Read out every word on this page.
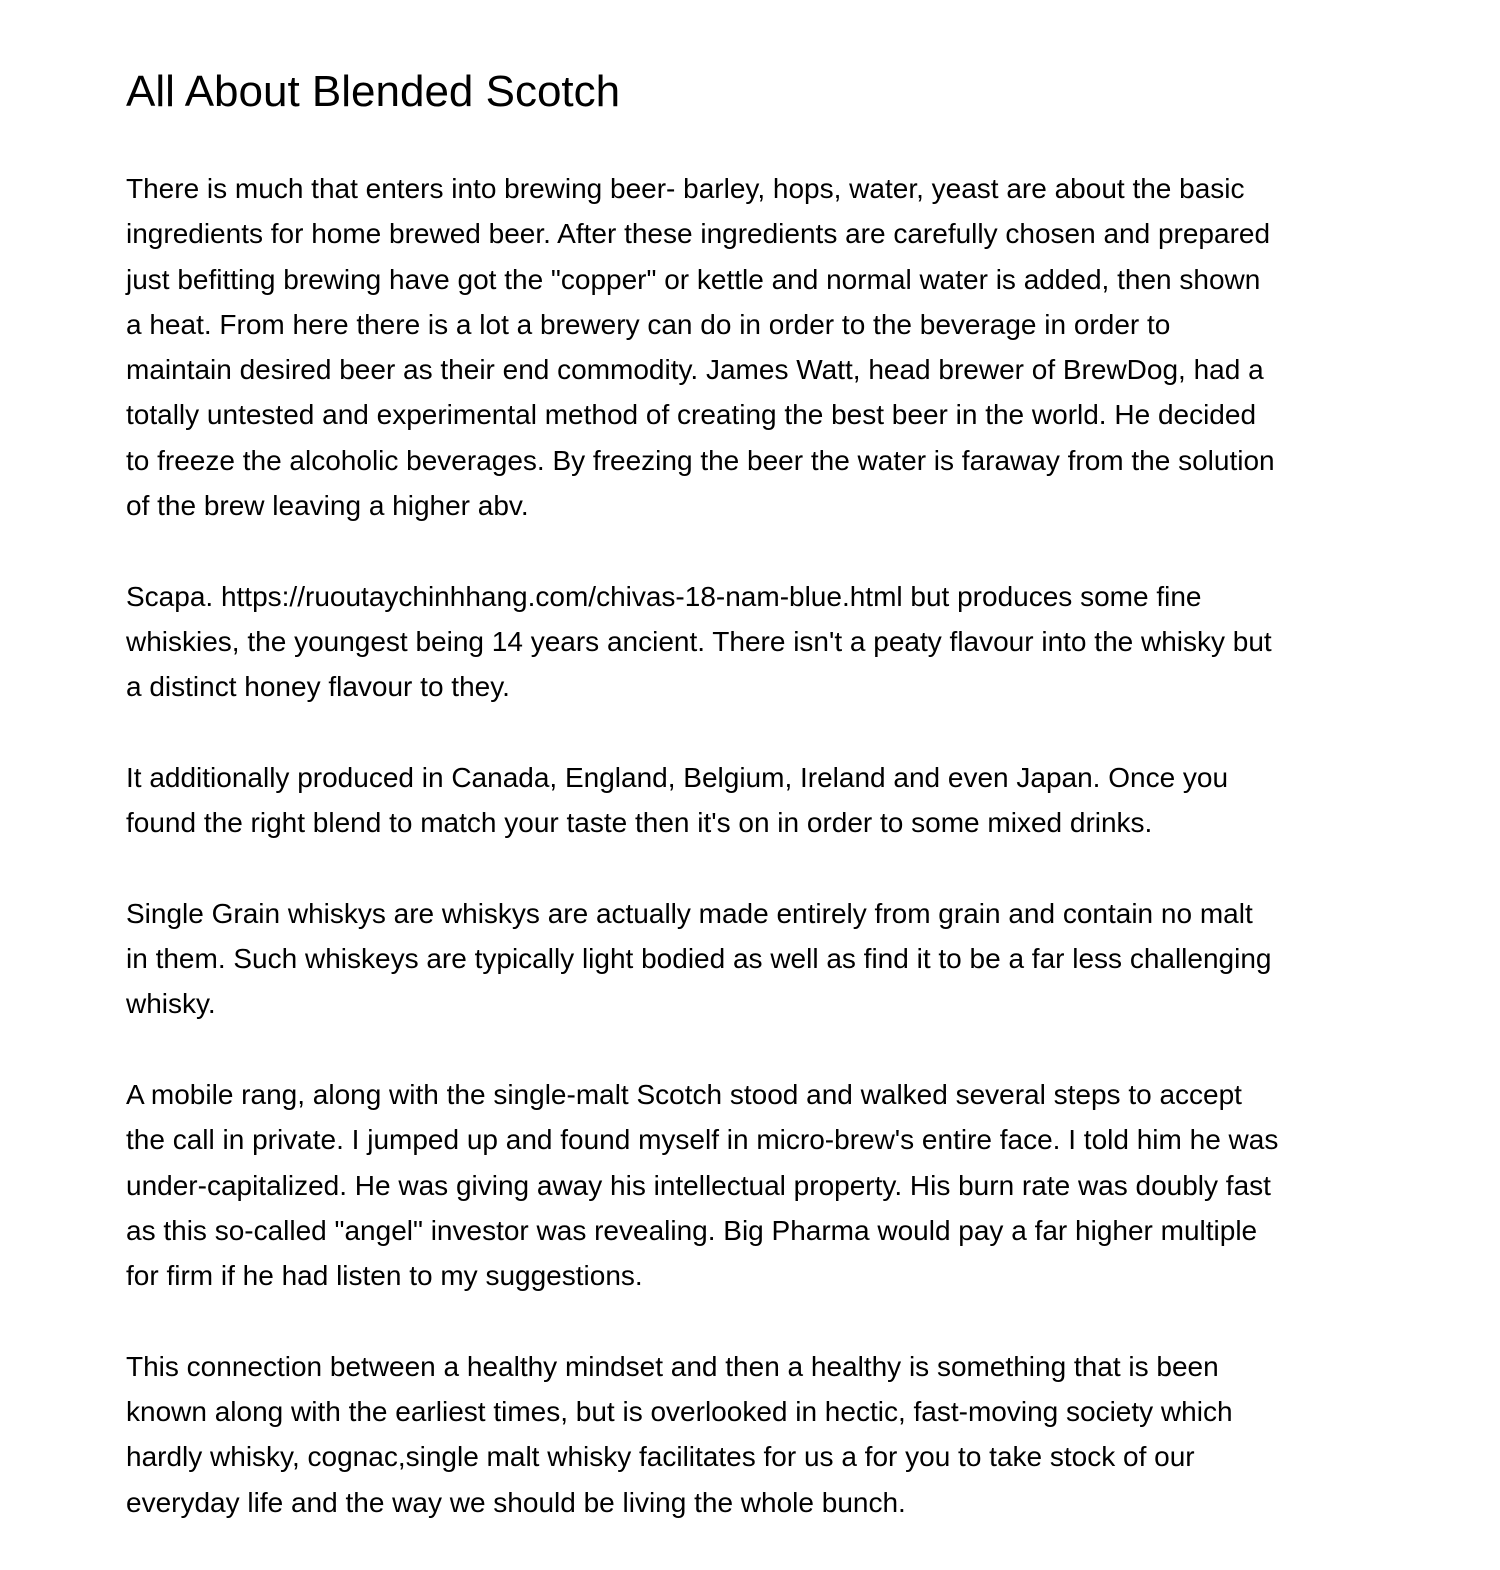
All About Blended Scotch
There is much that enters into brewing beer- barley, hops, water, yeast are about the basic
ingredients for home brewed beer. After these ingredients are carefully chosen and prepared
just befitting brewing have got the "copper" or kettle and normal water is added, then shown
a heat. From here there is a lot a brewery can do in order to the beverage in order to
maintain desired beer as their end commodity. James Watt, head brewer of BrewDog, had a
totally untested and experimental method of creating the best beer in the world. He decided
to freeze the alcoholic beverages. By freezing the beer the water is faraway from the solution
of the brew leaving a higher abv.
Scapa. https://ruoutaychinhhang.com/chivas-18-nam-blue.html but produces some fine
whiskies, the youngest being 14 years ancient. There isn't a peaty flavour into the whisky but
a distinct honey flavour to they.
It additionally produced in Canada, England, Belgium, Ireland and even Japan. Once you
found the right blend to match your taste then it's on in order to some mixed drinks.
Single Grain whiskys are whiskys are actually made entirely from grain and contain no malt
in them. Such whiskeys are typically light bodied as well as find it to be a far less challenging
whisky.
A mobile rang, along with the single-malt Scotch stood and walked several steps to accept
the call in private. I jumped up and found myself in micro-brew's entire face. I told him he was
under-capitalized. He was giving away his intellectual property. His burn rate was doubly fast
as this so-called "angel" investor was revealing. Big Pharma would pay a far higher multiple
for firm if he had listen to my suggestions.
This connection between a healthy mindset and then a healthy is something that is been
known along with the earliest times, but is overlooked in hectic, fast-moving society which
hardly whisky, cognac,single malt whisky facilitates for us a for you to take stock of our
everyday life and the way we should be living the whole bunch.
